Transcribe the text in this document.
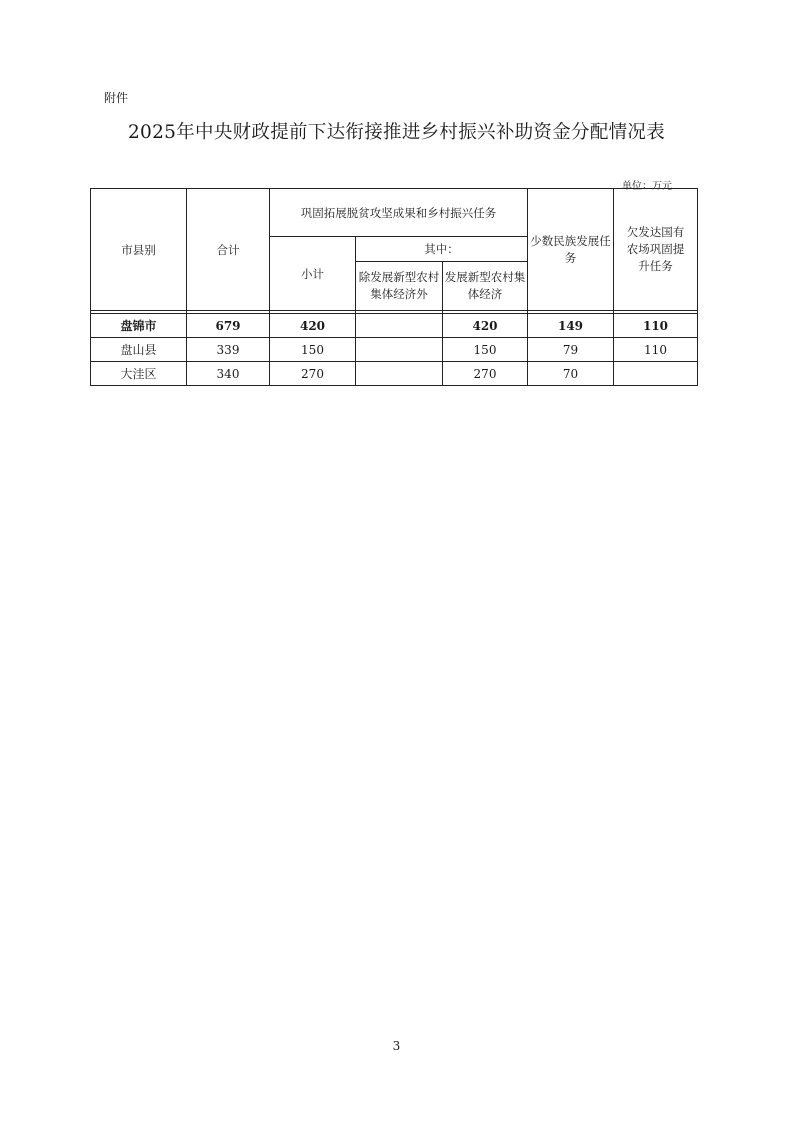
附件
2025年中央财政提前下达衔接推进乡村振兴补助资金分配情况表
单位：万元
市县别	合计	巩固拓展脱贫攻坚成果和乡村振兴任务			少数民族发展任务	欠发达国有农场巩固提升任务

		小计	其中：			
			除发展新型农村集体经济外	发展新型农村集体经济		

盘锦市	679	420		420	149	110
盘山县	339	150		150	79	110
大洼区	340	270		270	70	
3
